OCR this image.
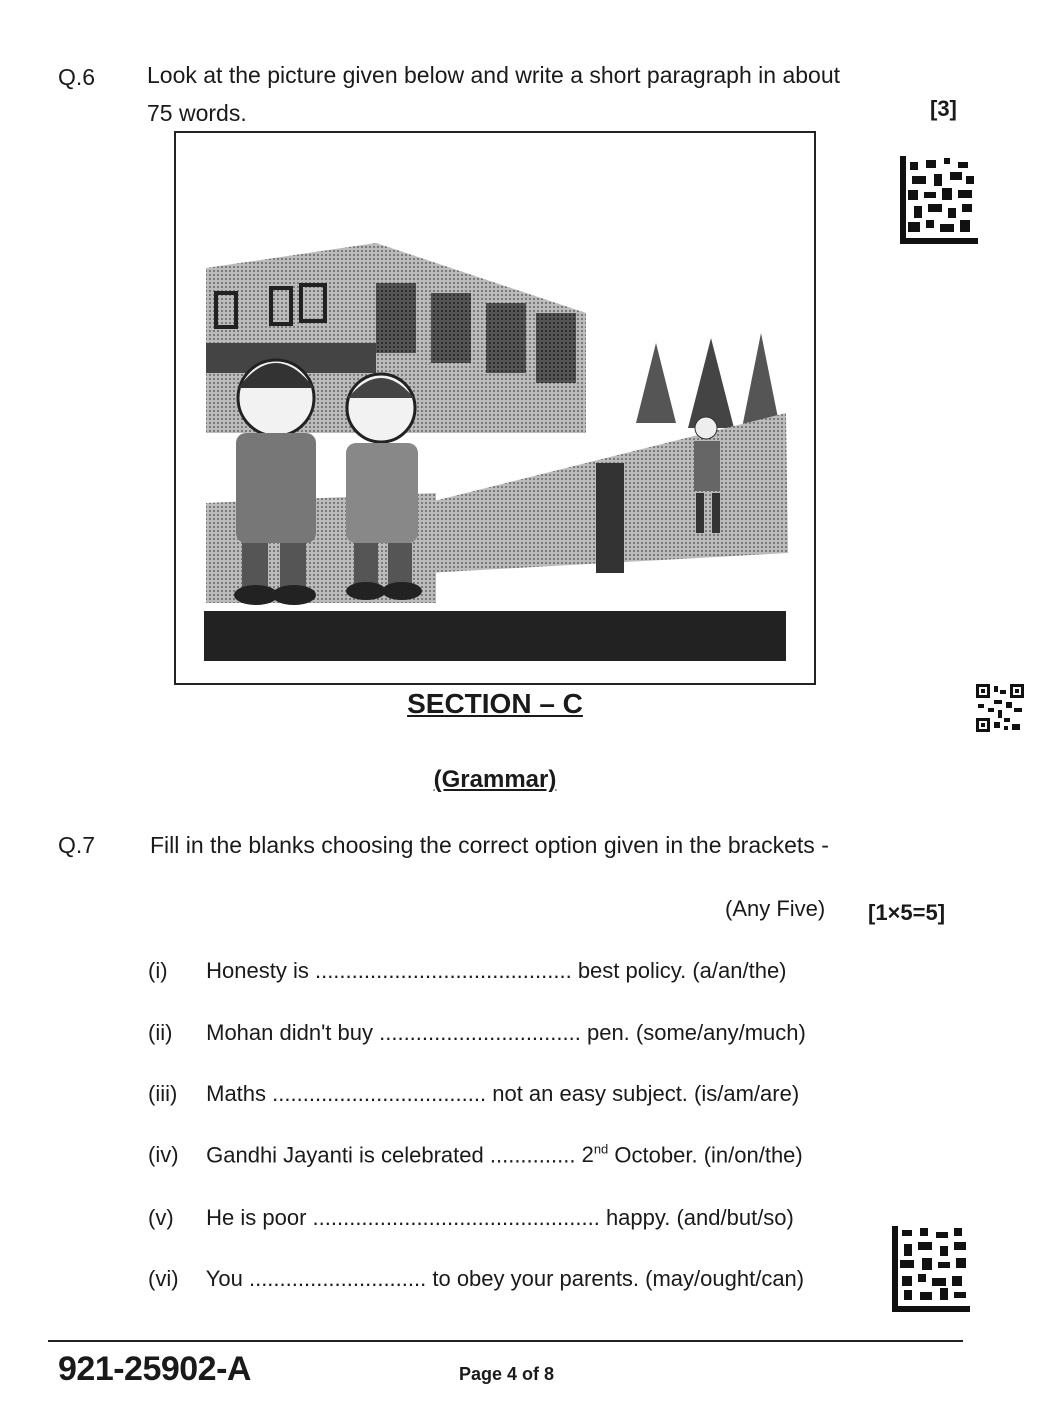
Q.6 Look at the picture given below and write a short paragraph in about
75 words.	[3]
SECTION – C
(Grammar)
Q.7 Fill in the blanks choosing the correct option given in the brackets -
(Any Five) [1×5=5]
(i) Honesty is .......................................... best policy. (a/an/the)
(ii) Mohan didn't buy ................................. pen. (some/any/much)
(iii) Maths ................................... not an easy subject. (is/am/are)
(iv) Gandhi Jayanti is celebrated .............. 2nd October. (in/on/the)
(v) He is poor ............................................... happy. (and/but/so)
(vi) You ............................. to obey your parents. (may/ought/can)
921-25902-A	Page 4 of 8
